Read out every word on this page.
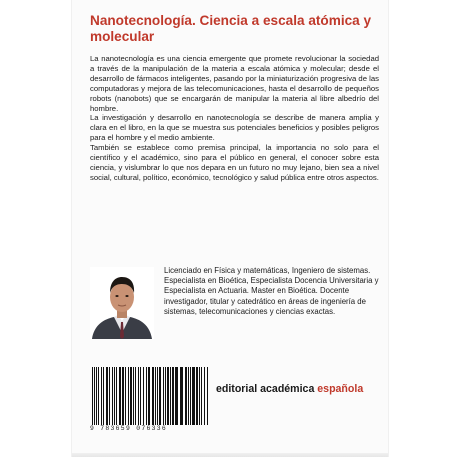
Nanotecnología. Ciencia a escala atómica y molecular

La nanotecnología es una ciencia emergente que promete revolucionar la sociedad a través de la manipulación de la materia a escala atómica y molecular; desde el desarrollo de fármacos inteligentes, pasando por la miniaturización progresiva de las computadoras y mejora de las telecomunicaciones, hasta el desarrollo de pequeños robots (nanobots) que se encargarán de manipular la materia al libre albedrío del hombre.

La investigación y desarrollo en nanotecnología se describe de manera amplia y clara en el libro, en la que se muestra sus potenciales beneficios y posibles peligros para el hombre y el medio ambiente.

También se establece como premisa principal, la importancia no solo para el científico y el académico, sino para el público en general, el conocer sobre esta ciencia, y vislumbrar lo que nos depara en un futuro no muy lejano, bien sea a nivel social, cultural, político, económico, tecnológico y salud pública entre otros aspectos.

Licenciado en Física y matemáticas, Ingeniero de sistemas. Especialista en Bioética, Especialista Docencia Universitaria y Especialista en Actuaria. Master en Bioética. Docente investigador, titular y catedrático en áreas de ingeniería de sistemas, telecomunicaciones y ciencias exactas.

9 783659 076336
editorial académica española
